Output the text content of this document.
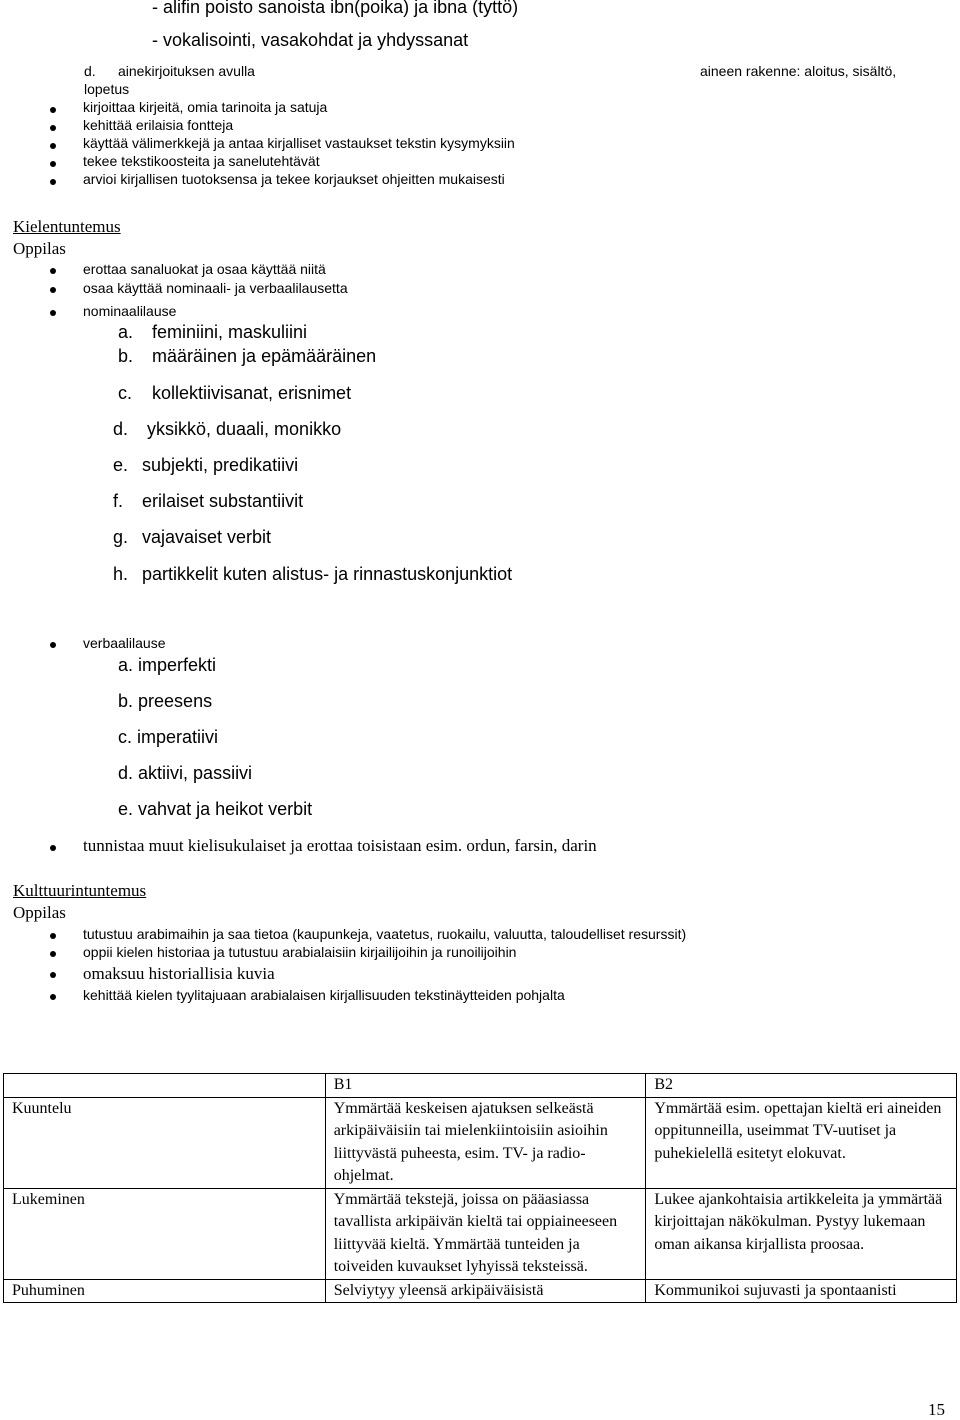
- alifin poisto sanoista ibn(poika) ja ibna (tyttö)
- vokalisointi, vasakohdat ja yhdyssanat
d. ainekirjoituksen avulla	aineen rakenne: aloitus, sisältö,
lopetus
kirjoittaa kirjeitä, omia tarinoita ja satuja
kehittää erilaisia fontteja
käyttää välimerkkejä ja antaa kirjalliset vastaukset tekstin kysymyksiin
tekee tekstikoosteita ja sanelutehtävät
arvioi kirjallisen tuotoksensa ja tekee korjaukset ohjeitten mukaisesti
Kielentuntemus
Oppilas
erottaa sanaluokat ja osaa käyttää niitä
osaa käyttää nominaali- ja verbaalilausetta
nominaalilause
a. feminiini, maskuliini
b. määräinen ja epämääräinen
c. kollektiivisanat, erisnimet
d. yksikkö, duaali, monikko
e. subjekti, predikatiivi
f. erilaiset substantiivit
g. vajavaiset verbit
h. partikkelit kuten alistus- ja rinnastuskonjunktiot
verbaalilause
a. imperfekti
b. preesens
c. imperatiivi
d. aktiivi, passiivi
e. vahvat ja heikot verbit
tunnistaa muut kielisukulaiset ja erottaa toisistaan esim. ordun, farsin, darin
Kulttuurintuntemus
Oppilas
tutustuu arabimaihin ja saa tietoa (kaupunkeja, vaatetus, ruokailu, valuutta, taloudelliset resurssit)
oppii kielen historiaa ja tutustuu arabialaisiin kirjailijoihin ja runoilijoihin
omaksuu historiallisia kuvia
kehittää kielen tyylitajuaan arabialaisen kirjallisuuden tekstinäytteiden pohjalta
	B1	B2
Kuuntelu	Ymmärtää keskeisen ajatuksen selkeästä arkipäiväisiin tai mielenkiintoisiin asioihin liittyvästä puheesta, esim. TV- ja radio-ohjelmat.	Ymmärtää esim. opettajan kieltä eri aineiden oppitunneilla, useimmat TV-uutiset ja puhekielellä esitetyt elokuvat.
Lukeminen	Ymmärtää tekstejä, joissa on pääasiassa tavallista arkipäivän kieltä tai oppiaineeseen liittyvää kieltä. Ymmärtää tunteiden ja toiveiden kuvaukset lyhyissä teksteissä.	Lukee ajankohtaisia artikkeleita ja ymmärtää kirjoittajan näkökulman. Pystyy lukemaan oman aikansa kirjallista proosaa.
Puhuminen	Selviytyy yleensä arkipäiväisistä	Kommunikoi sujuvasti ja spontaanisti
15
